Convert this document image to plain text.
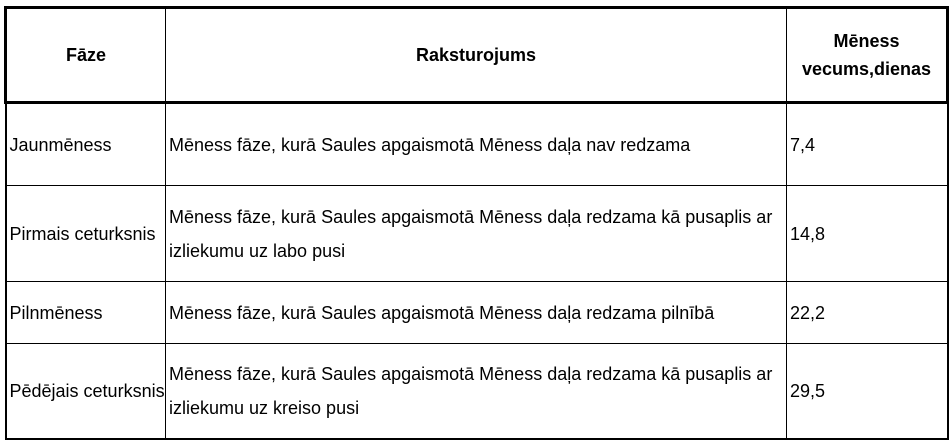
Fāze	Raksturojums	Mēness
vecums,dienas
Jaunmēness	Mēness fāze, kurā Saules apgaismotā Mēness daļa nav redzama	7,4
Pirmais ceturksnis	Mēness fāze, kurā Saules apgaismotā Mēness daļa redzama kā pusaplis ar izliekumu uz labo pusi	14,8
Pilnmēness	Mēness fāze, kurā Saules apgaismotā Mēness daļa redzama pilnībā	22,2
Pēdējais ceturksnis	Mēness fāze, kurā Saules apgaismotā Mēness daļa redzama kā pusaplis ar izliekumu uz kreiso pusi	29,5
